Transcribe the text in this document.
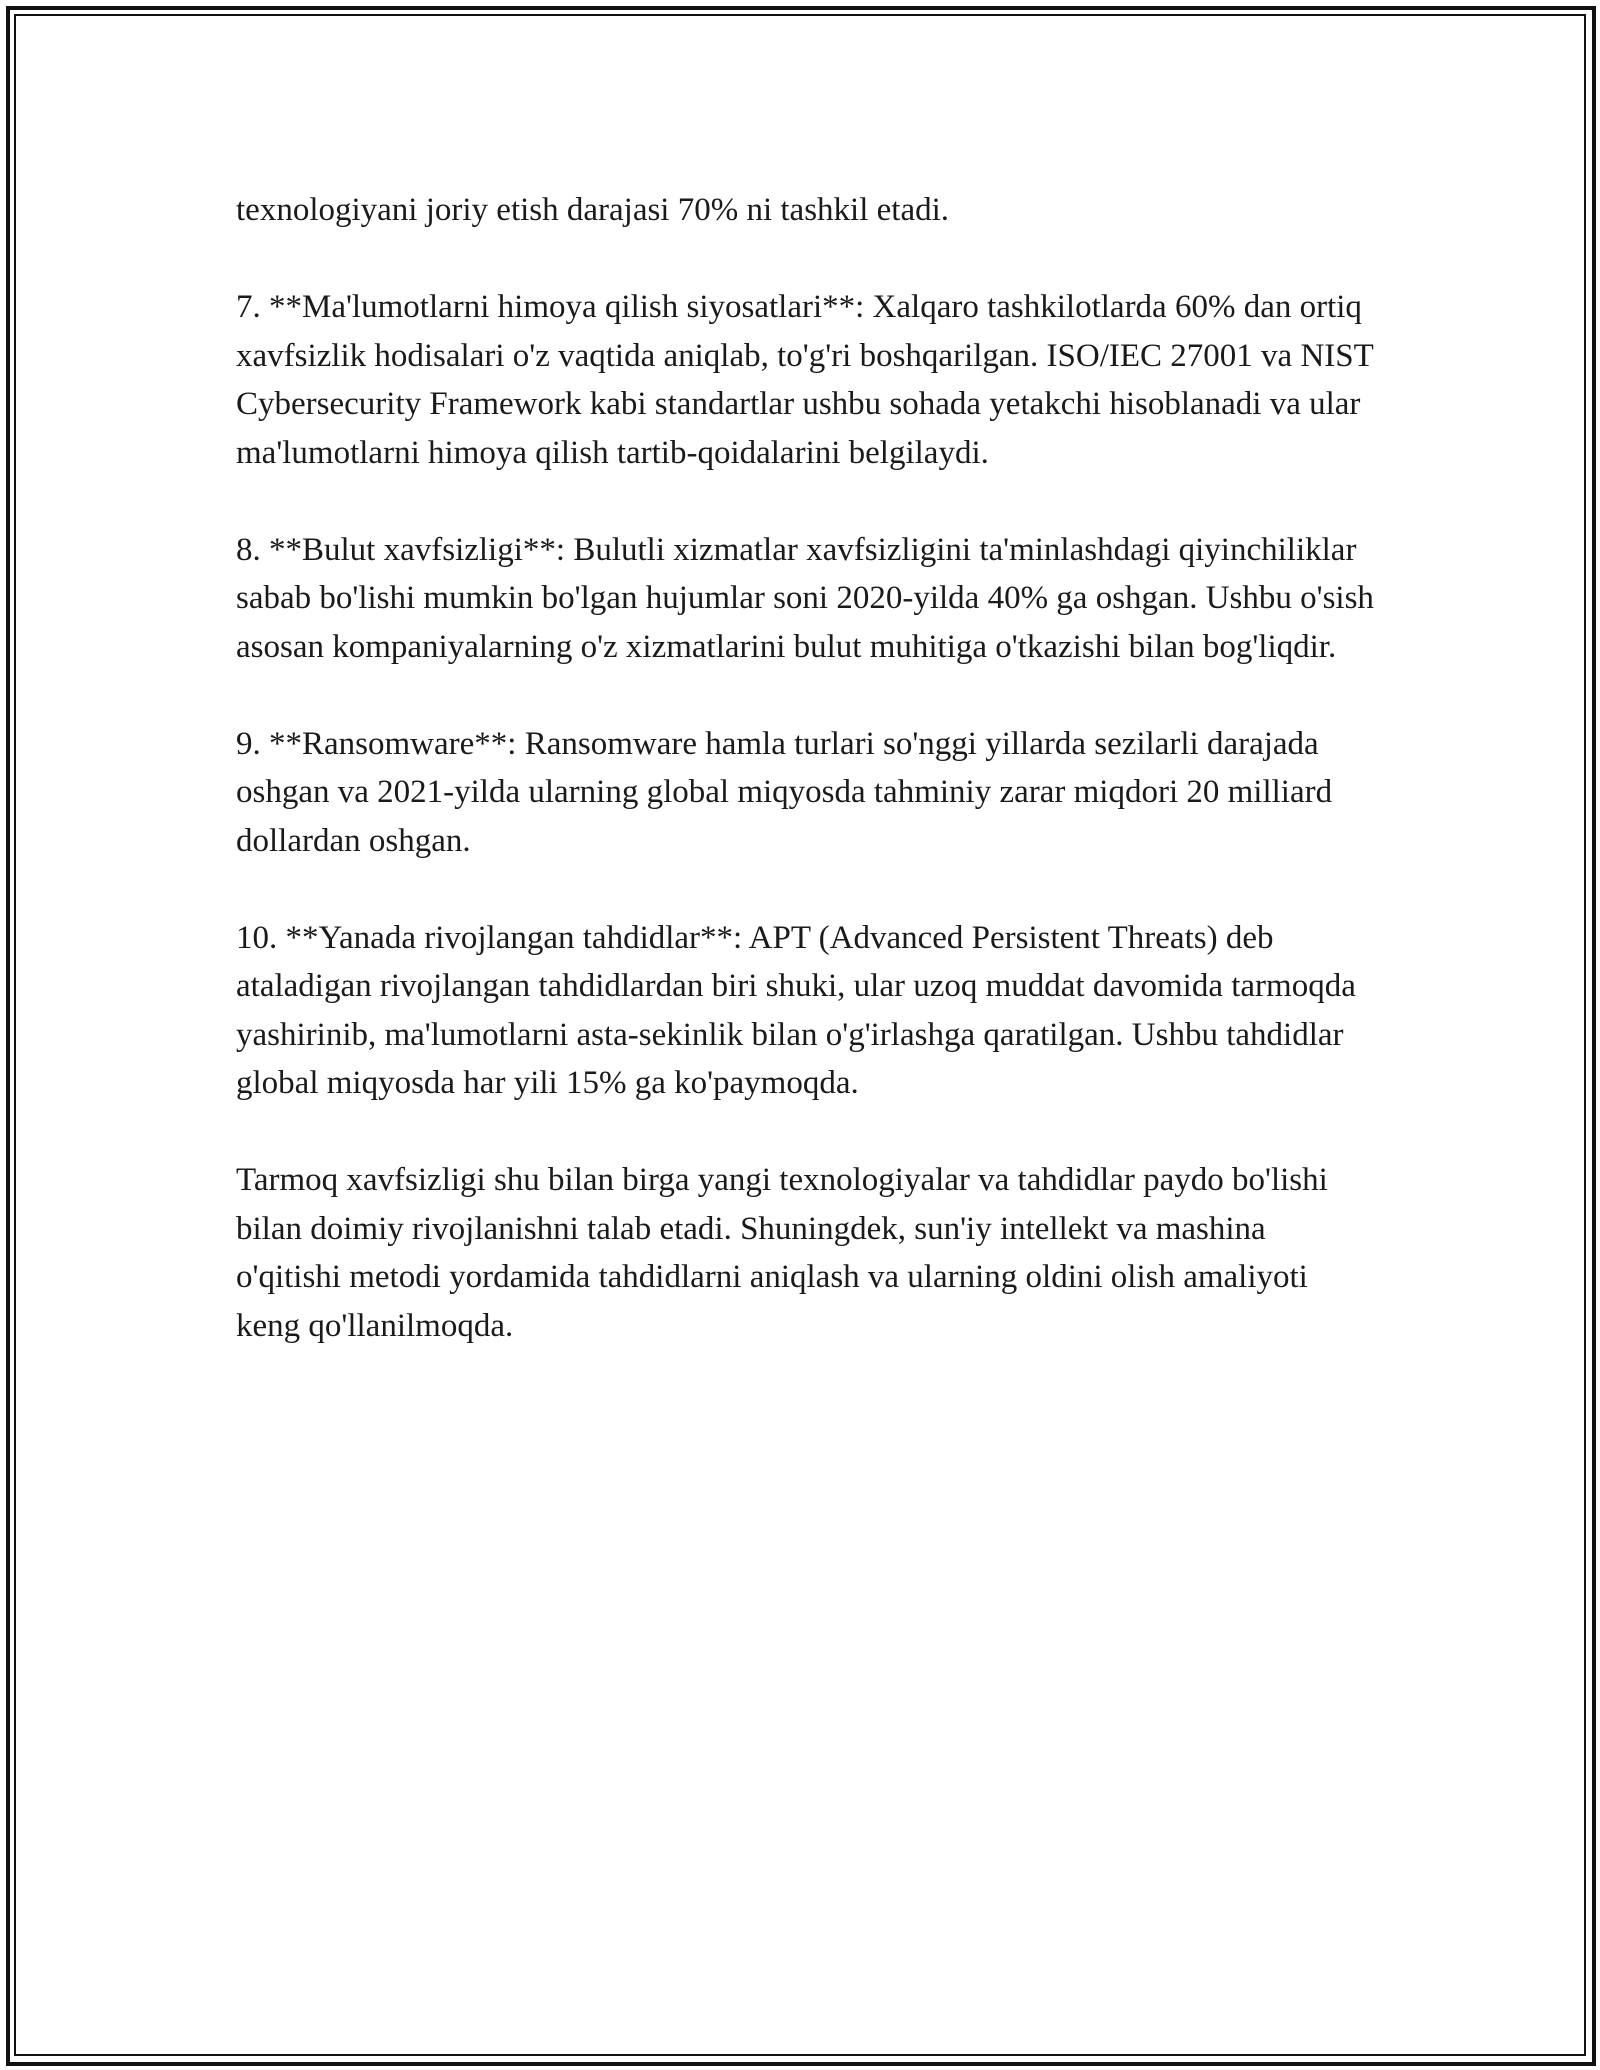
texnologiyani joriy etish darajasi 70% ni tashkil etadi.

7. **Ma'lumotlarni himoya qilish siyosatlari**: Xalqaro tashkilotlarda 60% dan ortiq xavfsizlik hodisalari o'z vaqtida aniqlab, to'g'ri boshqarilgan. ISO/IEC 27001 va NIST Cybersecurity Framework kabi standartlar ushbu sohada yetakchi hisoblanadi va ular ma'lumotlarni himoya qilish tartib-qoidalarini belgilaydi.

8. **Bulut xavfsizligi**: Bulutli xizmatlar xavfsizligini ta'minlashdagi qiyinchiliklar sabab bo'lishi mumkin bo'lgan hujumlar soni 2020-yilda 40% ga oshgan. Ushbu o'sish asosan kompaniyalarning o'z xizmatlarini bulut muhitiga o'tkazishi bilan bog'liqdir.

9. **Ransomware**: Ransomware hamla turlari so'nggi yillarda sezilarli darajada oshgan va 2021-yilda ularning global miqyosda tahminiy zarar miqdori 20 milliard dollardan oshgan.

10. **Yanada rivojlangan tahdidlar**: APT (Advanced Persistent Threats) deb ataladigan rivojlangan tahdidlardan biri shuki, ular uzoq muddat davomida tarmoqda yashirinib, ma'lumotlarni asta-sekinlik bilan o'g'irlashga qaratilgan. Ushbu tahdidlar global miqyosda har yili 15% ga ko'paymoqda.

Tarmoq xavfsizligi shu bilan birga yangi texnologiyalar va tahdidlar paydo bo'lishi bilan doimiy rivojlanishni talab etadi. Shuningdek, sun'iy intellekt va mashina o'qitishi metodi yordamida tahdidlarni aniqlash va ularning oldini olish amaliyoti keng qo'llanilmoqda.
